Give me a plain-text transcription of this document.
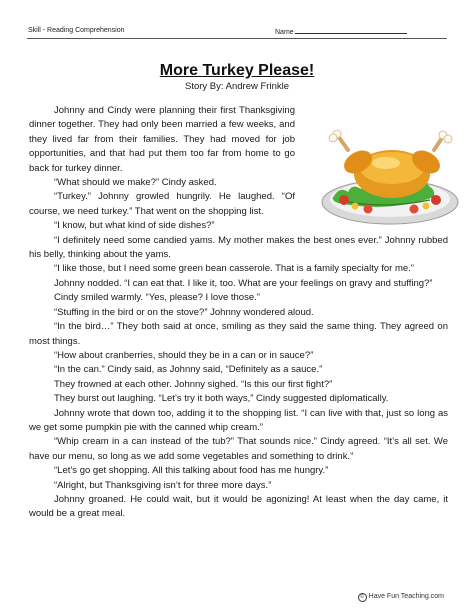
Skill - Reading Comprehension	Name
More Turkey Please!
Story By: Andrew Frinkle

Johnny and Cindy were planning their first Thanksgiving dinner together. They had only been married a few weeks, and they lived far from their families. They had moved for job opportunities, and that had put them too far from home to go back for turkey dinner.

“What should we make?” Cindy asked.

“Turkey.” Johnny growled hungrily. He laughed. “Of course, we need turkey.” That went on the shopping list.

“I know, but what kind of side dishes?”

“I definitely need some candied yams. My mother makes the best ones ever.” Johnny rubbed his belly, thinking about the yams.

“I like those, but I need some green bean casserole. That is a family specialty for me.”

Johnny nodded. “I can eat that. I like it, too. What are your feelings on gravy and stuffing?”

Cindy smiled warmly. “Yes, please? I love those.”

“Stuffing in the bird or on the stove?” Johnny wondered aloud.

“In the bird…” They both said at once, smiling as they said the same thing. They agreed on most things.

“How about cranberries, should they be in a can or in sauce?”

“In the can.” Cindy said, as Johnny said, “Definitely as a sauce.”

They frowned at each other. Johnny sighed. “Is this our first fight?”

They burst out laughing. “Let’s try it both ways,” Cindy suggested diplomatically.

Johnny wrote that down too, adding it to the shopping list. “I can live with that, just so long as we get some pumpkin pie with the canned whip cream.”

“Whip cream in a can instead of the tub?” That sounds nice.” Cindy agreed. “It’s all set. We have our menu, so long as we add some vegetables and something to drink.”

“Let’s go get shopping. All this talking about food has me hungry.”

“Alright, but Thanksgiving isn’t for three more days.”

Johnny groaned. He could wait, but it would be agonizing! At least when the day came, it would be a great meal.

© Have Fun Teaching.com
